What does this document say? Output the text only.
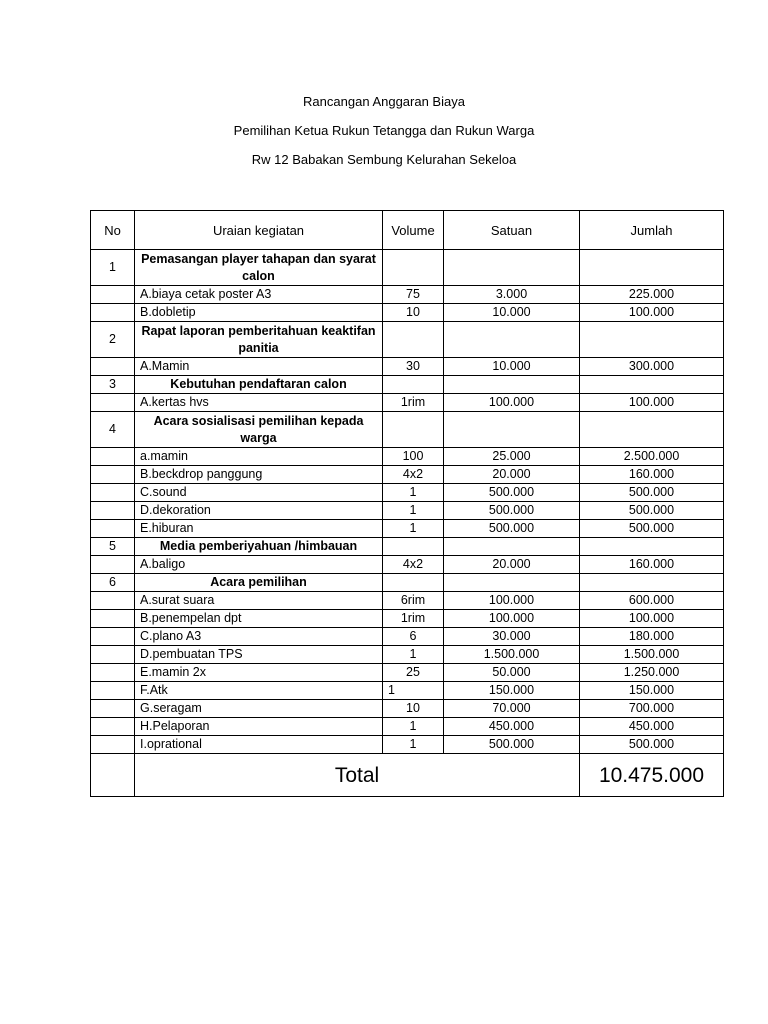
Rancangan Anggaran Biaya
Pemilihan Ketua Rukun Tetangga dan Rukun Warga
Rw 12 Babakan Sembung Kelurahan Sekeloa
No	Uraian kegiatan	Volume	Satuan	Jumlah
1	Pemasangan player tahapan dan syarat calon			
	A.biaya cetak poster A3	75	3.000	225.000
	B.dobletip	10	10.000	100.000
2	Rapat laporan pemberitahuan keaktifan panitia			
	A.Mamin	30	10.000	300.000
3	Kebutuhan pendaftaran calon			
	A.kertas hvs	1rim	100.000	100.000
4	Acara sosialisasi pemilihan kepada warga			
	a.mamin	100	25.000	2.500.000
	B.beckdrop panggung	4x2	20.000	160.000
	C.sound	1	500.000	500.000
	D.dekoration	1	500.000	500.000
	E.hiburan	1	500.000	500.000
5	Media pemberiyahuan /himbauan			
	A.baligo	4x2	20.000	160.000
6	Acara pemilihan			
	A.surat suara	6rim	100.000	600.000
	B.penempelan dpt	1rim	100.000	100.000
	C.plano A3	6	30.000	180.000
	D.pembuatan TPS	1	1.500.000	1.500.000
	E.mamin 2x	25	50.000	1.250.000
	F.Atk	1	150.000	150.000
	G.seragam	10	70.000	700.000
	H.Pelaporan	1	450.000	450.000
	I.oprational	1	500.000	500.000
	Total			10.475.000
